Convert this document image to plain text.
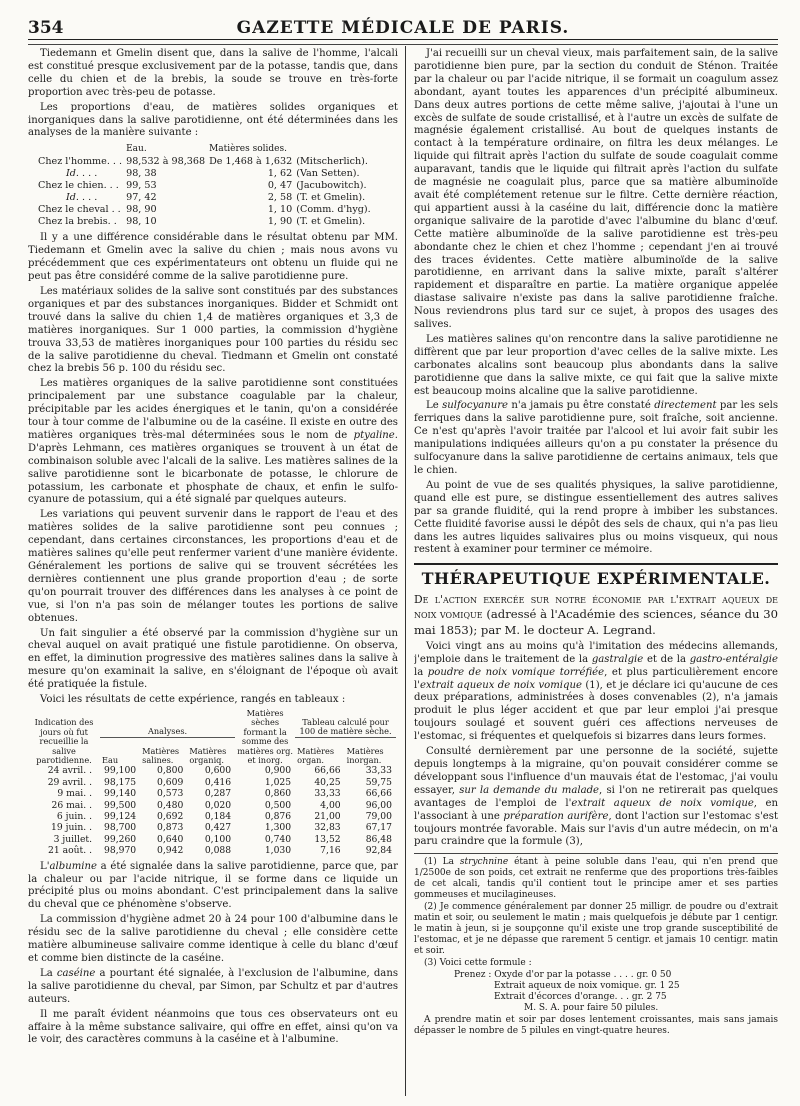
354	GAZETTE MÉDICALE DE PARIS.

Tiedemann et Gmelin disent que, dans la salive de l'homme, l'alcali est constitué presque exclusivement par de la potasse, tandis que, dans celle du chien et de la brebis, la soude se trouve en très-forte proportion avec très-peu de potasse.

Les proportions d'eau, de matières solides organiques et inorganiques dans la salive parotidienne, ont été déterminées dans les analyses de la manière suivante :

	Eau.	Matières solides.	
Chez l'homme. . .	98,532 à 98,368	De 1,468 à 1,632	(Mitscherlich).
Id. . . .	98, 38	1, 62	(Van Setten).
Chez le chien. . .	99, 53	0, 47	(Jacubowitch).
Id. . . .	97, 42	2, 58	(T. et Gmelin).
Chez le cheval . .	98, 90	1, 10	(Comm. d'hyg).
Chez la brebis. .	98, 10	1, 90	(T. et Gmelin).

Il y a une différence considérable dans le résultat obtenu par MM. Tiedemann et Gmelin avec la salive du chien ; mais nous avons vu précédemment que ces expérimentateurs ont obtenu un fluide qui ne peut pas être considéré comme de la salive parotidienne pure.

Les matériaux solides de la salive sont constitués par des substances organiques et par des substances inorganiques. Bidder et Schmidt ont trouvé dans la salive du chien 1,4 de matières organiques et 3,3 de matières inorganiques. Sur 1 000 parties, la commission d'hygiène trouva 33,53 de matières inorganiques pour 100 parties du résidu sec de la salive parotidienne du cheval. Tiedmann et Gmelin ont constaté chez la brebis 56 p. 100 du résidu sec.

Les matières organiques de la salive parotidienne sont constituées principalement par une substance coagulable par la chaleur, précipitable par les acides énergiques et le tanin, qu'on a considérée tour à tour comme de l'albumine ou de la caséine. Il existe en outre des matières organiques très-mal déterminées sous le nom de ptyaline. D'après Lehmann, ces matières organiques se trouvent à un état de combinaison soluble avec l'alcali de la salive. Les matières salines de la salive parotidienne sont le bicarbonate de potasse, le chlorure de potassium, les carbonate et phosphate de chaux, et enfin le sulfo-cyanure de potassium, qui a été signalé par quelques auteurs.

Les variations qui peuvent survenir dans le rapport de l'eau et des matières solides de la salive parotidienne sont peu connues ; cependant, dans certaines circonstances, les proportions d'eau et de matières salines qu'elle peut renfermer varient d'une manière évidente. Généralement les portions de salive qui se trouvent sécrétées les dernières contiennent une plus grande proportion d'eau ; de sorte qu'on pourrait trouver des différences dans les analyses à ce point de vue, si l'on n'a pas soin de mélanger toutes les portions de salive obtenues.

Un fait singulier a été observé par la commission d'hygiène sur un cheval auquel on avait pratiqué une fistule parotidienne. On observa, en effet, la diminution progressive des matières salines dans la salive à mesure qu'on examinait la salive, en s'éloignant de l'époque où avait été pratiquée la fistule.

Voici les résultats de cette expérience, rangés en tableaux :

Indication des jours où fut recueillie la salive parotidienne.	Analyses.			Matières sèches formant la somme des matières org. et inorg.	Tableau calculé pour 100 de matière sèche.	
	Eau	Matières salines.	Matières organiq.		Matières organ.	Matières inorgan.
24 avril. .	99,100	0,800	0,600	0,900	66,66	33,33
29 avril. .	98,175	0,609	0,416	1,025	40,25	59,75
9 mai. .	99,140	0,573	0,287	0,860	33,33	66,66
26 mai. .	99,500	0,480	0,020	0,500	4,00	96,00
6 juin. .	99,124	0,692	0,184	0,876	21,00	79,00
19 juin. .	98,700	0,873	0,427	1,300	32,83	67,17
3 juillet.	99,260	0,640	0,100	0,740	13,52	86,48
21 août. .	98,970	0,942	0,088	1,030	7,16	92,84

L'albumine a été signalée dans la salive parotidienne, parce que, par la chaleur ou par l'acide nitrique, il se forme dans ce liquide un précipité plus ou moins abondant. C'est principalement dans la salive du cheval que ce phénomène s'observe.

La commission d'hygiène admet 20 à 24 pour 100 d'albumine dans le résidu sec de la salive parotidienne du cheval ; elle considère cette matière albumineuse salivaire comme identique à celle du blanc d'œuf et comme bien distincte de la caséine.

La caséine a pourtant été signalée, à l'exclusion de l'albumine, dans la salive parotidienne du cheval, par Simon, par Schultz et par d'autres auteurs.

Il me paraît évident néanmoins que tous ces observateurs ont eu affaire à la même substance salivaire, qui offre en effet, ainsi qu'on va le voir, des caractères communs à la caséine et à l'albumine.

J'ai recueilli sur un cheval vieux, mais parfaitement sain, de la salive parotidienne bien pure, par la section du conduit de Sténon. Traitée par la chaleur ou par l'acide nitrique, il se formait un coagulum assez abondant, ayant toutes les apparences d'un précipité albumineux. Dans deux autres portions de cette même salive, j'ajoutai à l'une un excès de sulfate de soude cristallisé, et à l'autre un excès de sulfate de magnésie également cristallisé. Au bout de quelques instants de contact à la température ordinaire, on filtra les deux mélanges. Le liquide qui filtrait après l'action du sulfate de soude coagulait comme auparavant, tandis que le liquide qui filtrait après l'action du sulfate de magnésie ne coagulait plus, parce que sa matière albuminoïde avait été complétement retenue sur le filtre. Cette dernière réaction, qui appartient aussi à la caséine du lait, différencie donc la matière organique salivaire de la parotide d'avec l'albumine du blanc d'œuf. Cette matière albuminoïde de la salive parotidienne est très-peu abondante chez le chien et chez l'homme ; cependant j'en ai trouvé des traces évidentes. Cette matière albuminoïde de la salive parotidienne, en arrivant dans la salive mixte, paraît s'altérer rapidement et disparaître en partie. La matière organique appelée diastase salivaire n'existe pas dans la salive parotidienne fraîche. Nous reviendrons plus tard sur ce sujet, à propos des usages des salives.

Les matières salines qu'on rencontre dans la salive parotidienne ne diffèrent que par leur proportion d'avec celles de la salive mixte. Les carbonates alcalins sont beaucoup plus abondants dans la salive parotidienne que dans la salive mixte, ce qui fait que la salive mixte est beaucoup moins alcaline que la salive parotidienne.

Le sulfocyanure n'a jamais pu être constaté directement par les sels ferriques dans la salive parotidienne pure, soit fraîche, soit ancienne. Ce n'est qu'après l'avoir traitée par l'alcool et lui avoir fait subir les manipulations indiquées ailleurs qu'on a pu constater la présence du sulfocyanure dans la salive parotidienne de certains animaux, tels que le chien.

Au point de vue de ses qualités physiques, la salive parotidienne, quand elle est pure, se distingue essentiellement des autres salives par sa grande fluidité, qui la rend propre à imbiber les substances. Cette fluidité favorise aussi le dépôt des sels de chaux, qui n'a pas lieu dans les autres liquides salivaires plus ou moins visqueux, qui nous restent à examiner pour terminer ce mémoire.

THÉRAPEUTIQUE EXPÉRIMENTALE.

De l'action exercée sur notre économie par l'extrait aqueux de noix vomique (adressé à l'Académie des sciences, séance du 30 mai 1853); par M. le docteur A. Legrand.

Voici vingt ans au moins qu'à l'imitation des médecins allemands, j'emploie dans le traitement de la gastralgie et de la gastro-entéralgie la poudre de noix vomique torréfiée, et plus particulièrement encore l'extrait aqueux de noix vomique (1), et je déclare ici qu'aucune de ces deux préparations, administrées à doses convenables (2), n'a jamais produit le plus léger accident et que par leur emploi j'ai presque toujours soulagé et souvent guéri ces affections nerveuses de l'estomac, si fréquentes et quelquefois si bizarres dans leurs formes.

Consulté dernièrement par une personne de la société, sujette depuis longtemps à la migraine, qu'on pouvait considérer comme se développant sous l'influence d'un mauvais état de l'estomac, j'ai voulu essayer, sur la demande du malade, si l'on ne retirerait pas quelques avantages de l'emploi de l'extrait aqueux de noix vomique, en l'associant à une préparation aurifère, dont l'action sur l'estomac s'est toujours montrée favorable. Mais sur l'avis d'un autre médecin, on m'a paru craindre que la formule (3),

(1) La strychnine étant à peine soluble dans l'eau, qui n'en prend que 1/2500e de son poids, cet extrait ne renferme que des proportions très-faibles de cet alcali, tandis qu'il contient tout le principe amer et ses parties gommeuses et mucilagineuses.

(2) Je commence généralement par donner 25 milligr. de poudre ou d'extrait matin et soir, ou seulement le matin ; mais quelquefois je débute par 1 centigr. le matin à jeun, si je soupçonne qu'il existe une trop grande susceptibilité de l'estomac, et je ne dépasse que rarement 5 centigr. et jamais 10 centigr. matin et soir.

(3) Voici cette formule :

Prenez : Oxyde d'or par la potasse . . . . gr. 0 50
Extrait aqueux de noix vomique. gr. 1 25
Extrait d'écorces d'orange. . . gr. 2 75
M. S. A. pour faire 50 pilules.

A prendre matin et soir par doses lentement croissantes, mais sans jamais dépasser le nombre de 5 pilules en vingt-quatre heures.
